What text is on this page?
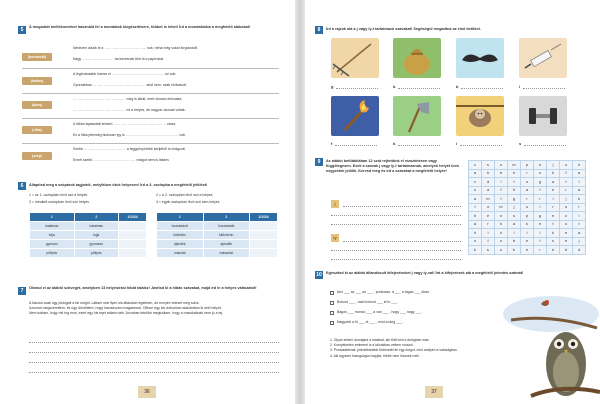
5	A megadott mellékneveket használd fel a mondatok kiegészítésére, többet is lehet! Írd a mondatokba a megfelelő alakokat!
(borzasztó)
Nehezen alszik el a ……………………………… sok, néha még sokat forgolódott.
Nagy ……………………… ha kevésnek tűnt is a papírokat.
(fontos)
A legfontosabb hamar el ……………………………………… ez sok.
Gyorsabban ……………………………………… ahol nem, csak elolvasott.
(okos)
……………………………………… meg is látott, mert okosan elolvasta.
……………………………………… mi a helyes, de nagyon okosak voltak.
(ritka)
A ritkán tapasztalt embert ……………………………………… olvas.
Ez a ritka jelenség biztosan így is ……………………………………… volt.
(szép)
Szebb ……………………………… a leggyönyörűbb kertjéből is virágzott.
Ennél szebb ……………………………… virágot nem is láttam.
6	Állapítsd meg a szópárok tagjairól, melyikben írtuk helyesen! Írd a 3. oszlopba a megfelelő jelölést!
1 = az 1. oszlopban lévő szó a helyes	2 = a 2. oszlopban lévő szó a helyes
3 = mindkét oszlopban lévő szó helyes	4 = egyik oszlopban lévő szó sem helyes
1	2	1/2/3/4
hatalmas	hatalmas	
tolja	tojja	
gyorsan	gyorssan	
pöttyös	pöttyös	
1	2	1/2/3/4
hozzáadott	hozzáadott	
kitűnően	kitűnőenn	
ajándék	ajándék	
másolat	mássolat	
7	Olvasd el az alábbi szöveget, amelyben 13 helyesírási hibát találsz! Javítsd ki a hibás szavakat, majd írd le a helyes változatot!
A kiscica csak úgy pislogott a fal mögül. Láttam már ilyen kis állatokat régebben, de ennyire édeset még soha.
Azonnal megszerettem, és úgy döntöttem, hogy hazaviszem magammal. Otthon egy kis dobozban alakítottam ki neki helyet.
Nem tudtam, hogy mit fog enni, ezért egy kis tejet adtam neki. Azonban később megtudtam, hogy a macskáknak nem jó a tej.
36
8	Írd a rajzok alá a j vagy ly-t tartalmazó szavakat! Segítségül megadtuk az első betűket.
g	b	b	i
f	b	l	s
9	Az alábbi betűtáblában 12 szót rejtettünk el vízszintesen vagy függőlegesen. Ezek a szavak j vagy ly-t tartalmaznak, amelyek helyét üres négyzetek jelölik. Keresd meg és írd a szavakat a megfelelő helyre!
j
ly
c	s	o	m	p	ú	j	u	h
a	h	b	e	r	o	k	f	a
v	á	l	t	o	g	a	t	l
s	a	f	ű	a	f	e	r	a
a	m	f	g	r	r	i	j	k
t	o	m	j	u	i	r	o	r
b	e	n	s	p	g	e	z	i
a	r	k	a	k	e	t	o	t
h	i	ó	l	i	l	k	e	a
o	f	o	b	e	f	s	e	j
k	s	o	k	e	r	é	b	d
10	Egészítsd ki az alábbi állandósult kifejezéseket j vagy ly-val! Írd a kifejezések alá a megfelelő jelentés számát!
Ami ___ az ___ az ___ , pontosan, a ___ a fogad ___ óban.
Bolond ___ , rakd bolond ___ el fo ___ .
Bagos ___ mondo ___ a van ___ , hogy ___ nagy ___ .
Nagyobb a fü ___ st ___ , mint a láng ___ .
1. Olyan ember dumájára a másikat, aki több kell a dologban más.
2. Kornyékeden emberrel is a tálunkban vettem rosszul.
3. Pontosabbnak, jelentéktelebb történetét fel egy dolgot, mint amilyen a valóságban.
4. Aki egyszer hazugságon kapják, többé nem hisznek neki.
37
